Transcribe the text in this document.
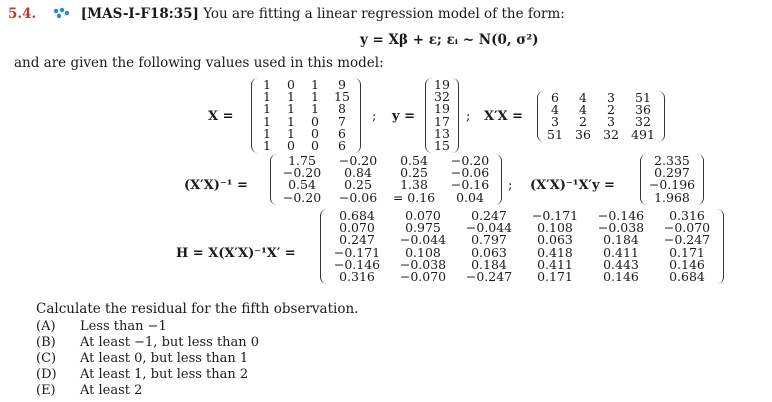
5.4.	[MAS-I-F18:35] You are fitting a linear regression model of the form:
y = Xβ + ε; εᵢ ~ N(0, σ²)
and are given the following values used in this model:
X =
1	0	1	9
1	1	1	15
1	1	1	8
1	1	0	7
1	1	0	6
1	0	0	6
; y =
19
32
19
17
13
15
; X′X =
6	4	3	51
4	4	2	36
3	2	3	32
51 36 32 491
(X′X)⁻¹ =
1.75	−0.20	0.54	−0.20
−0.20	0.84	0.25	−0.06
0.54	0.25	1.38	−0.16
−0.20	−0.06	= 0.16	0.04
; (X′X)⁻¹X′y =
2.335
0.297
−0.196
1.968
H = X(X′X)⁻¹X′ =
0.684	0.070	0.247	−0.171	−0.146	0.316
0.070	0.975	−0.044	0.108	−0.038	−0.070
0.247	−0.044	0.797	0.063	0.184	−0.247
−0.171	0.108	0.063	0.418	0.411	0.171
−0.146	−0.038	0.184	0.411	0.443	0.146
0.316	−0.070	−0.247	0.171	0.146	0.684
Calculate the residual for the fifth observation.
(A) Less than −1
(B) At least −1, but less than 0
(C) At least 0, but less than 1
(D) At least 1, but less than 2
(E) At least 2
